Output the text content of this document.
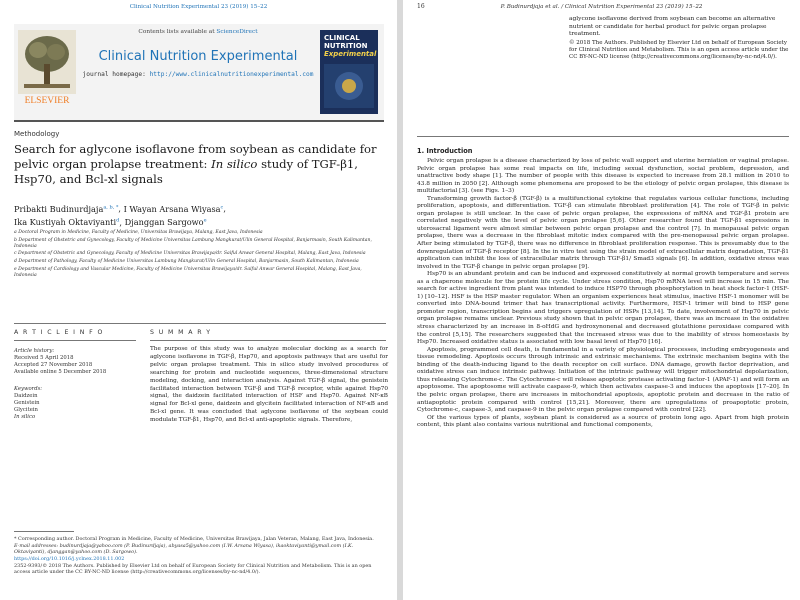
Clinical Nutrition Experimental 23 (2019) 15–22
ELSEVIER
Contents lists available at ScienceDirect
Clinical Nutrition Experimental
journal homepage: http://www.clinicalnutritionexperimental.com
CLINICAL NUTRITION
Experimental
Methodology
Search for aglycone isoflavone from soybean as candidate for pelvic organ prolapse treatment: In silico study of TGF-β1, Hsp70, and Bcl-xl signals
Pribakti Budinurdjaja$^{a, b, *}$, I Wayan Arsana Wiyasa$^c$,
Ika Kustiyah Oktaviyanti$^d$, Djanggan Sargowo$^e$

a Doctoral Program in Medicine, Faculty of Medicine, Universitas Brawijaya, Malang, East Java, Indonesia

b Department of Obstetric and Gynecology, Faculty of Medicine Universitas Lambung Mangkurat/Ulin General Hospital, Banjarmasin, South Kalimantan, Indonesia

c Department of Obstetric and Gynecology, Faculty of Medicine Universitas Brawijaya/dr. Saiful Anwar General Hospital, Malang, East Java, Indonesia

d Department of Pathology, Faculty of Medicine Universitas Lambung Mangkurat/Ulin General Hospital, Banjarmasin, South Kalimantan, Indonesia

e Department of Cardiology and Vascular Medicine, Faculty of Medicine Universitas Brawijaya/dr. Saiful Anwar General Hospital, Malang, East Java, Indonesia

A R T I C L E I N F O	S U M M A R Y
Article history:
Received 5 April 2018
Accepted 27 November 2018
Available online 5 December 2018
Keywords:
Daidzein
Genistein
Glycitein
In silico
The purpose of this study was to analyze molecular docking as a search for aglycone isoflavone in TGF-β, Hsp70, and apoptosis pathways that are useful for pelvic organ prolapse treatment. This in silico study involved procedures of searching for protein and nucleotide sequences, three-dimensional structure modeling, docking, and interaction analysis. Against TGF-β signal, the genistein facilitated interaction between TGF-β and TGF-β receptor, while against Hsp70 signal, the daidzein facilitated interaction of HSF and Hsp70. Against NF-κB signal for Bcl-xl gene, daidzein and glycitein facilitated interaction of NF-κB and Bcl-xl gene. It was concluded that aglycone isoflavone of the soybean could modulate TGF-β1, Hsp70, and Bcl-xl anti-apoptotic signals. Therefore,

* Corresponding author. Doctoral Program in Medicine, Faculty of Medicine, Universitas Brawijaya, Jalan Veteran, Malang, East Java, Indonesia.

E-mail addresses: budinurdjaja@yahoo.com (P. Budinurdjaja), abyasa5@yahoo.com (I.W. Arsana Wiyasa), ikaoktaviyanti@ymail.com (I.K. Oktaviyanti), djanggan@yahoo.com (D. Sargowo).

https://doi.org/10.1016/j.yclnex.2018.11.002

2352-9393/© 2018 The Authors. Published by Elsevier Ltd on behalf of European Society for Clinical Nutrition and Metabolism. This is an open access article under the CC BY-NC-ND license (http://creativecommons.org/licenses/by-nc-nd/4.0/).

16	P. Budinurdjaja et al. / Clinical Nutrition Experimental 23 (2019) 15–22
aglycone isoflavone derived from soybean can become an alternative nutrient or candidate for herbal product for pelvic organ prolapse treatment.
© 2018 The Authors. Published by Elsevier Ltd on behalf of European Society for Clinical Nutrition and Metabolism. This is an open access article under the CC BY-NC-ND license (http://creativecommons.org/licenses/by-nc-nd/4.0/).
1. Introduction

Pelvic organ prolapse is a disease characterized by loss of pelvic wall support and uterine herniation or vaginal prolapse. Pelvic organ prolapse has some real impacts on life, including sexual dysfunction, social problem, depression, and unattractive body shape [1]. The number of people with this disease is expected to increase from 28.1 million in 2010 to 43.8 million in 2050 [2]. Although some phenomena are proposed to be the etiology of pelvic organ prolapse, this disease is multifactorial [3]. (see Figs. 1–3)

Transforming growth factor-β (TGF-β) is a multifunctional cytokine that regulates various cellular functions, including proliferation, apoptosis, and differentiation. TGF-β can stimulate fibroblast proliferation [4]. The role of TGF-β in pelvic organ prolapse is still unclear. In the case of pelvic organ prolapse, the expressions of mRNA and TGF-β1 protein are correlated negatively with the level of pelvic organ prolapse [5,6]. Other researcher found that TGF-β1 expressions in uterosacral ligament were almost similar between pelvic organ prolapse and the control [7]. In menopausal pelvic organ prolapse, there was a decrease in the fibroblast mitotic index compared with the pre-menopausal pelvic organ prolapse. After being stimulated by TGF-β, there was no difference in fibroblast proliferation response. This is presumably due to the downregulation of TGF-β receptor [8]. In the in vitro test using the strain model of extracellular matrix degradation, TGF-β1 application can inhibit the loss of extracellular matrix through TGF-β1/ Smad3 signals [6]. In addition, oxidative stress was involved in the TGF-β change in pelvic organ prolapse [9].

Hsp70 is an abundant protein and can be induced and expressed constitutively at normal growth temperature and serves as a chaperone molecule for the protein life cycle. Under stress condition, Hsp70 mRNA level will increase in 15 min. The search for active ingredient from plant was intended to induce HSP70 through phosphorylation in heat shock factor-1 (HSF-1) [10–12]. HSF is the HSP master regulator. When an organism experiences heat stimulus, inactive HSF-1 monomer will be converted into DNA-bound trimer that has transcriptional activity. Furthermore, HSF-1 trimer will bind to HSP gene promoter region, transcription begins and triggers upregulation of HSPs [13,14]. To date, involvement of Hsp70 in pelvic organ prolapse remains unclear. Previous study shown that in pelvic organ prolapse, there was an increase in the oxidative stress characterized by an increase in 8-oHdG and hydroxynonenal and decreased glutathione peroxidase compared with the control [5,15]. The researchers suggested that the increased stress was due to the inability of stress homeostasis by Hsp70. Increased oxidative status is associated with low basal level of Hsp70 [16].

Apoptosis, programmed cell death, is fundamental in a variety of physiological processes, including embryogenesis and tissue remodeling. Apoptosis occurs through intrinsic and extrinsic mechanisms. The extrinsic mechanism begins with the binding of the death-inducing ligand to the death receptor on cell surface. DNA damage, growth factor deprivation, and oxidative stress can induce intrinsic pathway. Initiation of the intrinsic pathway will trigger mitochondrial depolarization, thus releasing Cytochrome-c. The Cytochrome-c will release apoptotic protease activating factor-1 (APAF-1) and will form an apoptosome. The apoptosome will activate caspase-9, which then activates caspase-3 and induces the apoptosis [17–20]. In the pelvic organ prolapse, there are increases in mitochondrial apoptosis, apoptotic protein and decrease in the ratio of antiapoptotic protein compared with control [15,21]. Moreover, there are upregulations of proapoptotic protein, Cytochrome-c, caspase-3, and caspase-9 in the pelvic organ prolapse compared with control [22].

Of the various types of plants, soybean plant is considered as a source of protein long ago. Apart from high protein content, this plant also contains various nutritional and functional components,
